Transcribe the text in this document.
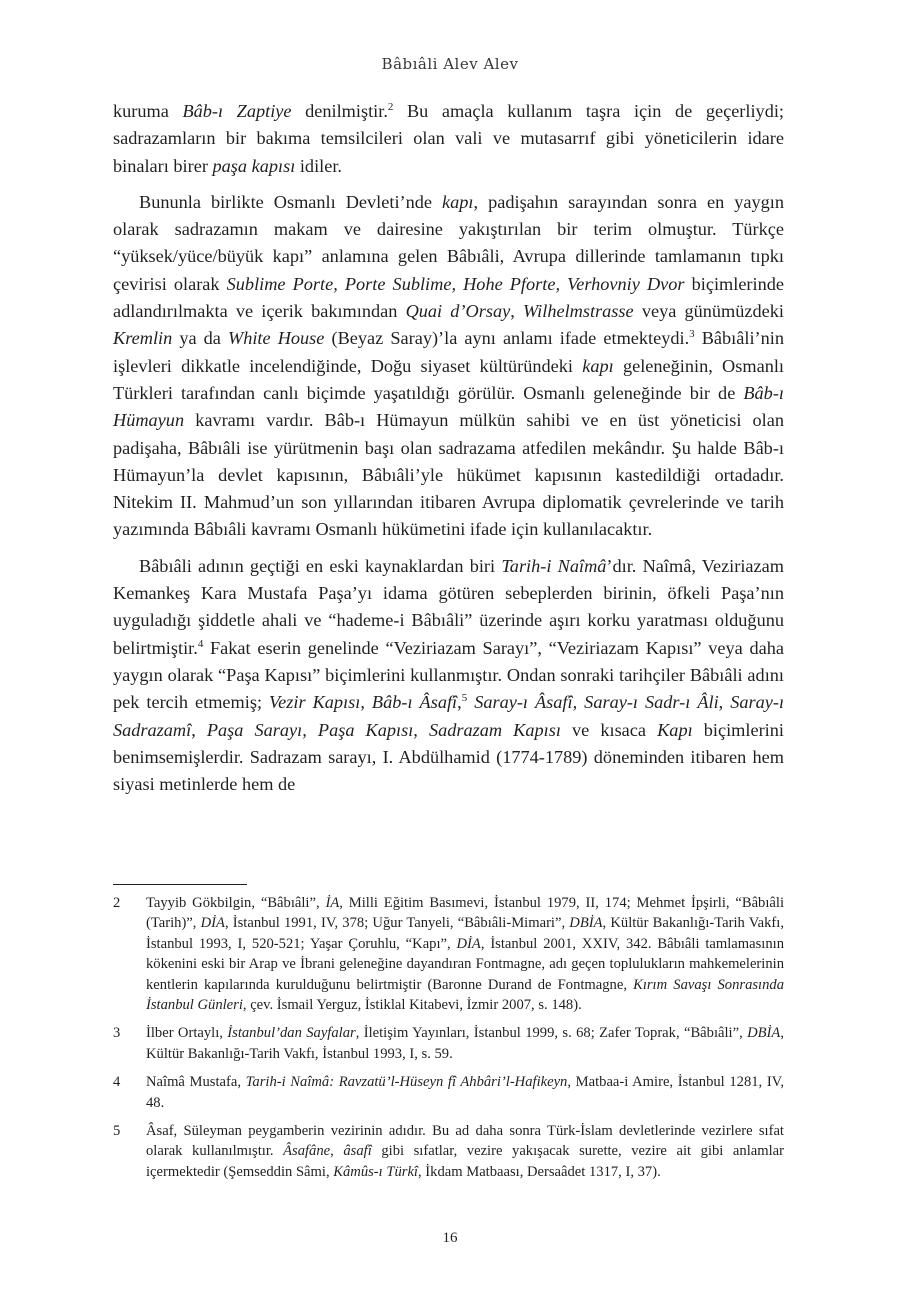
Bâbıâli Alev Alev

kuruma Bâb-ı Zaptiye denilmiştir.$^2$ Bu amaçla kullanım taşra için de geçerliydi; sadrazamların bir bakıma temsilcileri olan vali ve mutasarrıf gibi yöneticilerin idare binaları birer paşa kapısı idiler.

Bununla birlikte Osmanlı Devleti’nde kapı, padişahın sarayından sonra en yaygın olarak sadrazamın makam ve dairesine yakıştırılan bir terim olmuştur. Türkçe “yüksek/yüce/büyük kapı” anlamına gelen Bâbıâli, Avrupa dillerinde tamlamanın tıpkı çevirisi olarak Sublime Porte, Porte Sublime, Hohe Pforte, Verhovniy Dvor biçimlerinde adlandırılmakta ve içerik bakımından Quai d’Orsay, Wilhelmstrasse veya günümüzdeki Kremlin ya da White House (Beyaz Saray)’la aynı anlamı ifade etmekteydi.$^3$ Bâbıâli’nin işlevleri dikkatle incelendiğinde, Doğu siyaset kültüründeki kapı geleneğinin, Osmanlı Türkleri tarafından canlı biçimde yaşatıldığı görülür. Osmanlı geleneğinde bir de Bâb-ı Hümayun kavramı vardır. Bâb-ı Hümayun mülkün sahibi ve en üst yöneticisi olan padişaha, Bâbıâli ise yürütmenin başı olan sadrazama atfedilen mekândır. Şu halde Bâb-ı Hümayun’la devlet kapısının, Bâbıâli’yle hükümet kapısının kastedildiği ortadadır. Nitekim II. Mahmud’un son yıllarından itibaren Avrupa diplomatik çevrelerinde ve tarih yazımında Bâbıâli kavramı Osmanlı hükümetini ifade için kullanılacaktır.

Bâbıâli adının geçtiği en eski kaynaklardan biri Tarih-i Naîmâ’dır. Naîmâ, Veziriazam Kemankeş Kara Mustafa Paşa’yı idama götüren sebeplerden birinin, öfkeli Paşa’nın uyguladığı şiddetle ahali ve “hademe-i Bâbıâli” üzerinde aşırı korku yaratması olduğunu belirtmiştir.$^4$ Fakat eserin genelinde “Veziriazam Sarayı”, “Veziriazam Kapısı” veya daha yaygın olarak “Paşa Kapısı” biçimlerini kullanmıştır. Ondan sonraki tarihçiler Bâbıâli adını pek tercih etmemiş; Vezir Kapısı, Bâb-ı Âsafî,$^5$ Saray-ı Âsafî, Saray-ı Sadr-ı Âli, Saray-ı Sadrazamî, Paşa Sarayı, Paşa Kapısı, Sadrazam Kapısı ve kısaca Kapı biçimlerini benimsemişlerdir. Sadrazam sarayı, I. Abdülhamid (1774-1789) döneminden itibaren hem siyasi metinlerde hem de

2 Tayyib Gökbilgin, “Bâbıâli”, İA, Milli Eğitim Basımevi, İstanbul 1979, II, 174; Mehmet İpşirli, “Bâbıâli (Tarih)”, DİA, İstanbul 1991, IV, 378; Uğur Tanyeli, “Bâbıâli-Mimari”, DBİA, Kültür Bakanlığı-Tarih Vakfı, İstanbul 1993, I, 520-521; Yaşar Çoruhlu, “Kapı”, DİA, İstanbul 2001, XXIV, 342. Bâbıâli tamlamasının kökenini eski bir Arap ve İbrani geleneğine dayandıran Fontmagne, adı geçen toplulukların mahkemelerinin kentlerin kapılarında kurulduğunu belirtmiştir (Baronne Durand de Fontmagne, Kırım Savaşı Sonrasında İstanbul Günleri, çev. İsmail Yerguz, İstiklal Kitabevi, İzmir 2007, s. 148).
3 İlber Ortaylı, İstanbul’dan Sayfalar, İletişim Yayınları, İstanbul 1999, s. 68; Zafer Toprak, “Bâbıâli”, DBİA, Kültür Bakanlığı-Tarih Vakfı, İstanbul 1993, I, s. 59.
4 Naîmâ Mustafa, Tarih-i Naîmâ: Ravzatü’l-Hüseyn fî Ahbâri’l-Hafikeyn, Matbaa-i Amire, İstanbul 1281, IV, 48.
5 Âsaf, Süleyman peygamberin vezirinin adıdır. Bu ad daha sonra Türk-İslam devletlerinde vezirlere sıfat olarak kullanılmıştır. Âsafâne, âsafî gibi sıfatlar, vezire yakışacak surette, vezire ait gibi anlamlar içermektedir (Şemseddin Sâmi, Kâmûs-ı Türkî, İkdam Matbaası, Dersaâdet 1317, I, 37).
16
